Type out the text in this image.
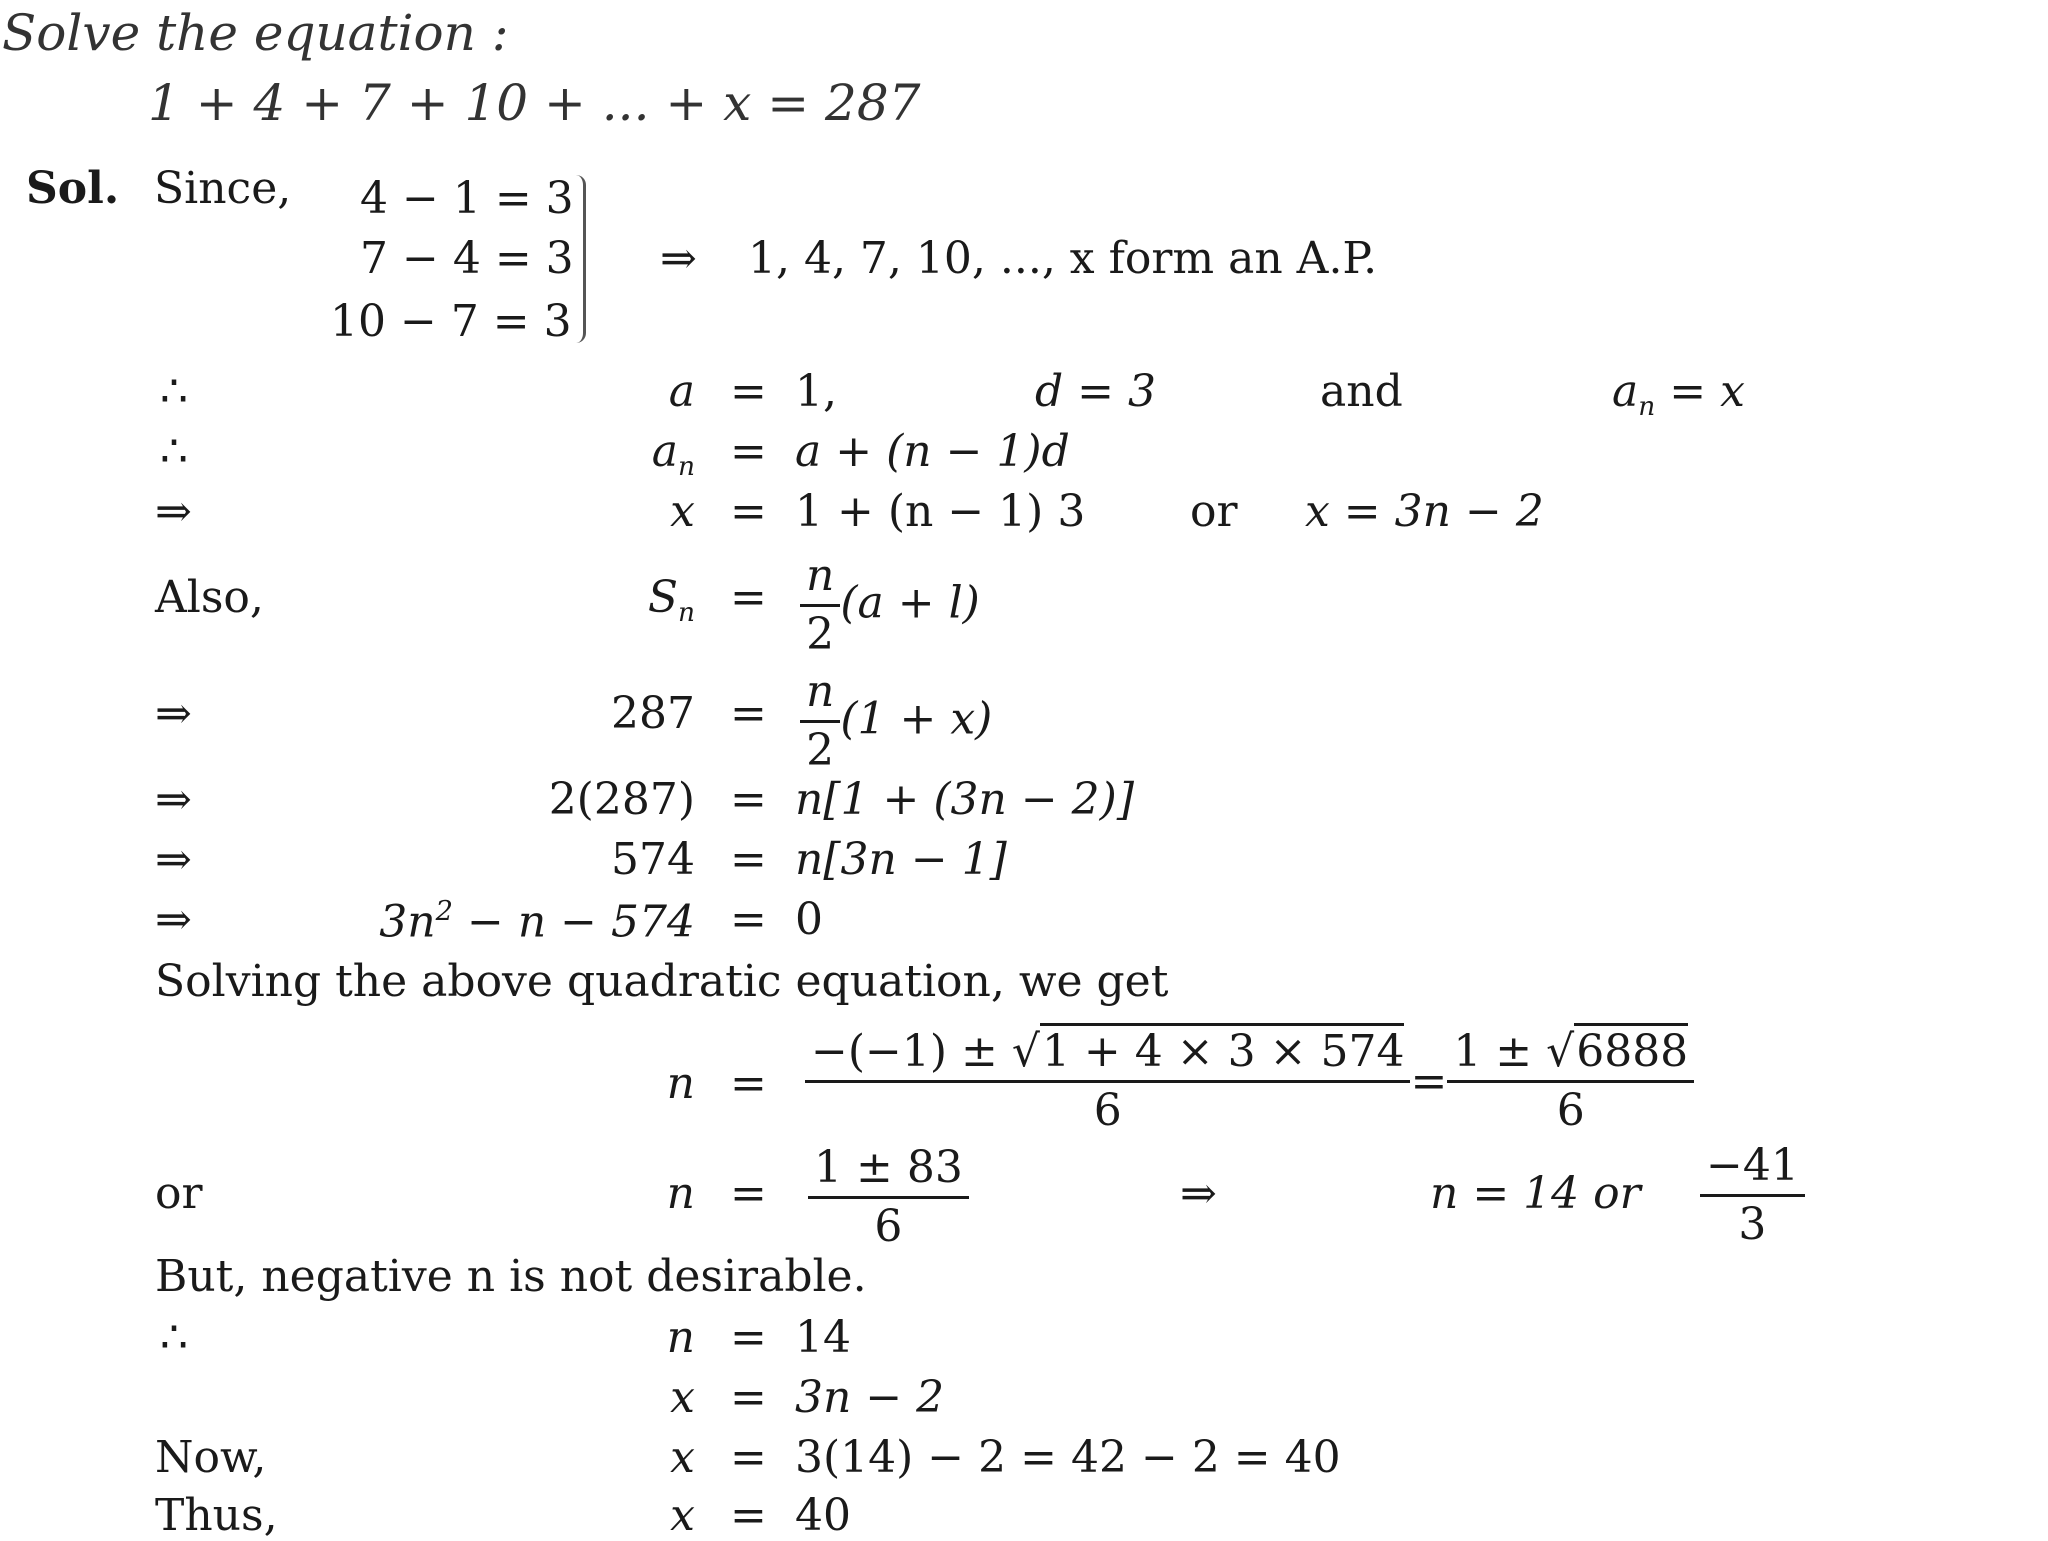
Solve the equation :
1 + 4 + 7 + 10 + ... + x = 287
Sol. Since, 4 − 1 = 3
7 − 4 = 3
10 − 7 = 3
⇒ 1, 4, 7, 10, ..., x form an A.P.
∴	a = 1,	d = 3	and	$a_n = x$
∴	$a_n = a + (n - 1)d$
⇒	x = 1 + (n − 1) 3 or x = 3n − 2
Also,	$S_n = \frac{n}{2} (a + l)$
⇒	$287 = \frac{n}{2} (1 + x)$
⇒	2(287) = n[1 + (3n − 2)]
⇒	574 = n[3n − 1]
⇒	$3n^2 - n - 574 = 0$
Solving the above quadratic equation, we get
$n = \frac{-(-1) \pm √1 + 4 \times 3 \times 574}{6} = \frac{1 \pm √6888}{6}$
or	$n = \frac{1 \pm 83}{6}$	⇒	n = 14 or $\frac{-41}{3}$
But, negative n is not desirable.
∴	n = 14
x = 3n − 2
Now,	x = 3(14) − 2 = 42 − 2 = 40
Thus,	x = 40
